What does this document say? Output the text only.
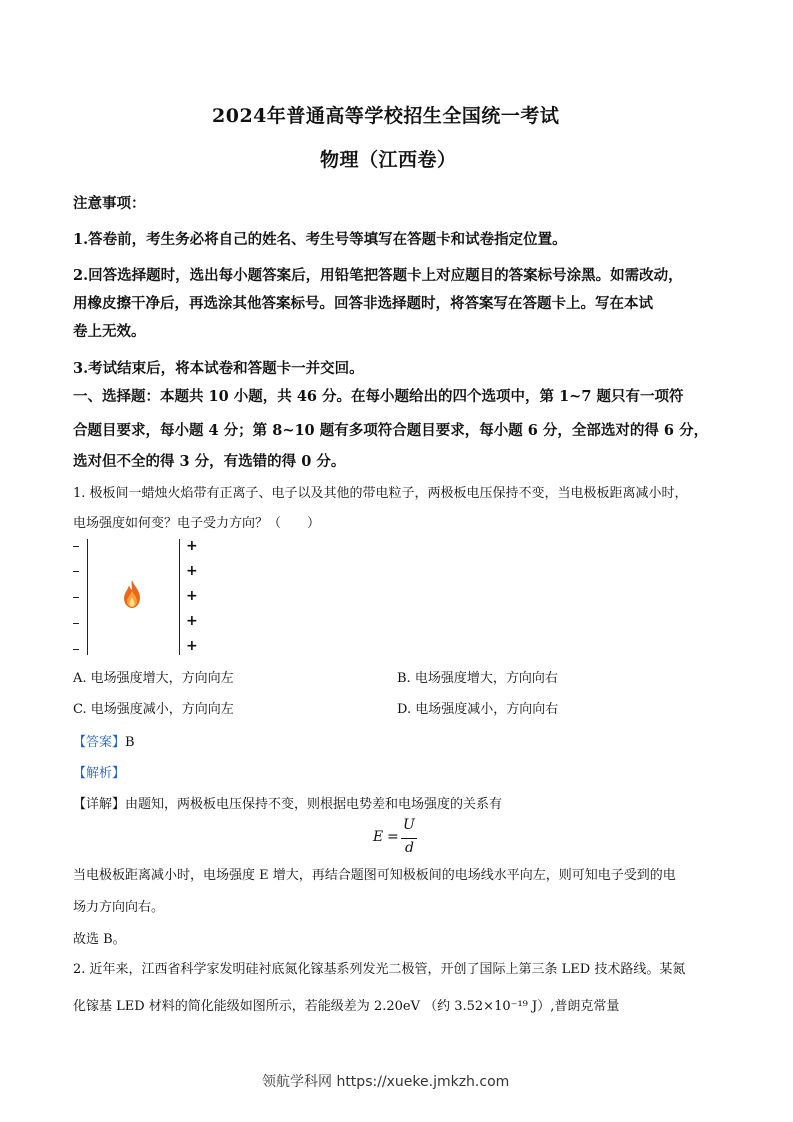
2024年普通高等学校招生全国统一考试
物理（江西卷）
注意事项：
1.答卷前，考生务必将自己的姓名、考生号等填写在答题卡和试卷指定位置。
2.回答选择题时，选出每小题答案后，用铅笔把答题卡上对应题目的答案标号涂黑。如需改动，
用橡皮擦干净后，再选涂其他答案标号。回答非选择题时，将答案写在答题卡上。写在本试
卷上无效。
3.考试结束后，将本试卷和答题卡一并交回。
一、选择题：本题共 10 小题，共 46 分。在每小题给出的四个选项中，第 1~7 题只有一项符
合题目要求，每小题 4 分；第 8~10 题有多项符合题目要求，每小题 6 分，全部选对的得 6 分，
选对但不全的得 3 分，有选错的得 0 分。
1. 极板间一蜡烛火焰带有正离子、电子以及其他的带电粒子，两极板电压保持不变，当电极板距离减小时，
电场强度如何变？电子受力方向？（　　）
+
+
+
+
+
A. 电场强度增大，方向向左	B. 电场强度增大，方向向右
C. 电场强度减小，方向向左	D. 电场强度减小，方向向右
【答案】B
【解析】
【详解】由题知，两极板电压保持不变，则根据电势差和电场强度的关系有
E =
U
d
当电极板距离减小时，电场强度 E 增大，再结合题图可知极板间的电场线水平向左，则可知电子受到的电
场力方向向右。
故选 B。
2. 近年来，江西省科学家发明硅衬底氮化镓基系列发光二极管，开创了国际上第三条 LED 技术路线。某氮
化镓基 LED 材料的简化能级如图所示，若能级差为 2.20eV （约 3.52×10⁻¹⁹ J）,普朗克常量
领航学科网 https://xueke.jmkzh.com
